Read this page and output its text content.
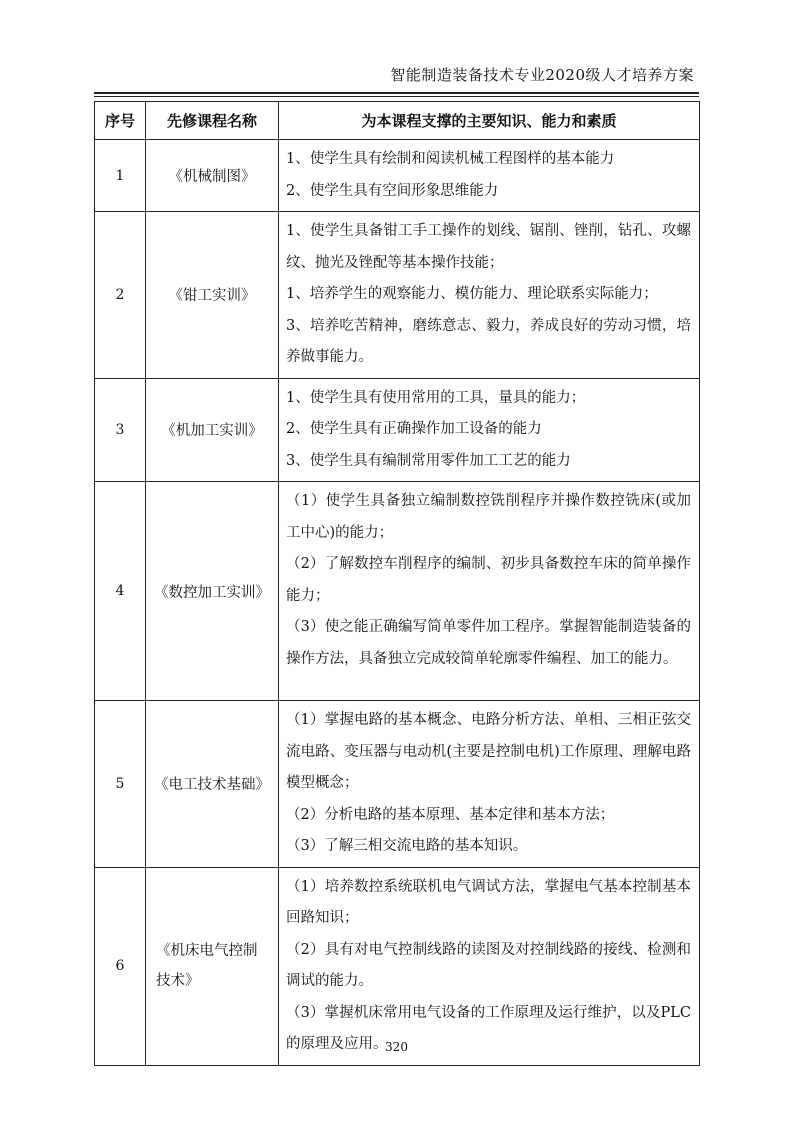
智能制造装备技术专业2020级人才培养方案
序号	先修课程名称	为本课程支撑的主要知识、能力和素质
1	《机械制图》	1、使学生具有绘制和阅读机械工程图样的基本能力
2、使学生具有空间形象思维能力

2	《钳工实训》	1、使学生具备钳工手工操作的划线、锯削、锉削，钻孔、攻螺纹、抛光及锉配等基本操作技能；
1、培养学生的观察能力、模仿能力、理论联系实际能力；
3、培养吃苦精神，磨练意志、毅力，养成良好的劳动习惯，培养做事能力。

3	《机加工实训》	1、使学生具有使用常用的工具，量具的能力；
2、使学生具有正确操作加工设备的能力
3、使学生具有编制常用零件加工工艺的能力

4	《数控加工实训》	（1）使学生具备独立编制数控铣削程序并操作数控铣床(或加工中心)的能力；
（2）了解数控车削程序的编制、初步具备数控车床的简单操作能力；
（3）使之能正确编写简单零件加工程序。掌握智能制造装备的操作方法，具备独立完成较简单轮廓零件编程、加工的能力。

5	《电工技术基础》	（1）掌握电路的基本概念、电路分析方法、单相、三相正弦交流电路、变压器与电动机(主要是控制电机)工作原理、理解电路模型概念；
（2）分析电路的基本原理、基本定律和基本方法；
（3）了解三相交流电路的基本知识。

6	《机床电气控制技术》	（1）培养数控系统联机电气调试方法，掌握电气基本控制基本回路知识；
（2）具有对电气控制线路的读图及对控制线路的接线、检测和调试的能力。
（3）掌握机床常用电气设备的工作原理及运行维护，以及PLC的原理及应用。
320
